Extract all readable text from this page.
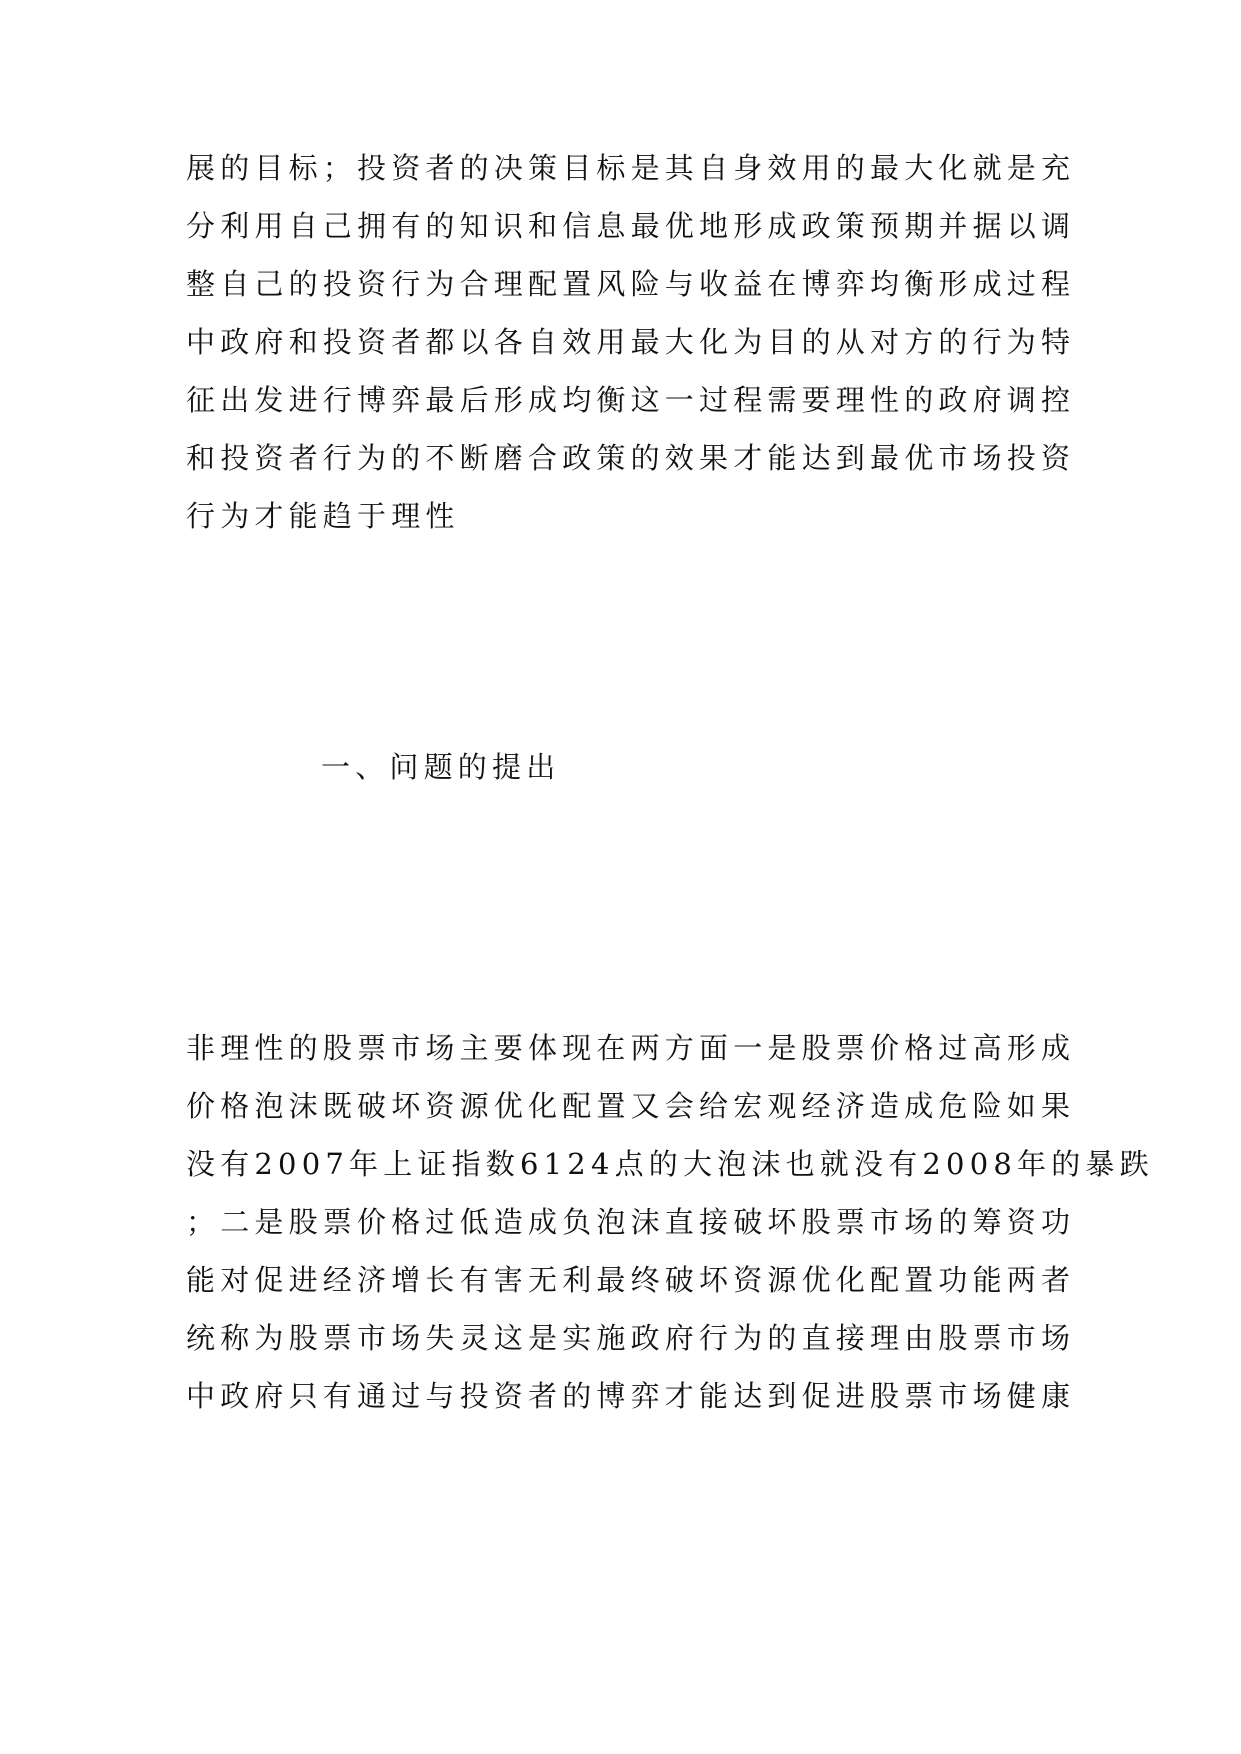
展的目标；投资者的决策目标是其自身效用的最大化就是充
分利用自己拥有的知识和信息最优地形成政策预期并据以调
整自己的投资行为合理配置风险与收益在博弈均衡形成过程
中政府和投资者都以各自效用最大化为目的从对方的行为特
征出发进行博弈最后形成均衡这一过程需要理性的政府调控
和投资者行为的不断磨合政策的效果才能达到最优市场投资
行为才能趋于理性
一、问题的提出
非理性的股票市场主要体现在两方面一是股票价格过高形成
价格泡沫既破坏资源优化配置又会给宏观经济造成危险如果
没有2007年上证指数6124点的大泡沫也就没有2008年的暴跌
；二是股票价格过低造成负泡沫直接破坏股票市场的筹资功
能对促进经济增长有害无利最终破坏资源优化配置功能两者
统称为股票市场失灵这是实施政府行为的直接理由股票市场
中政府只有通过与投资者的博弈才能达到促进股票市场健康
